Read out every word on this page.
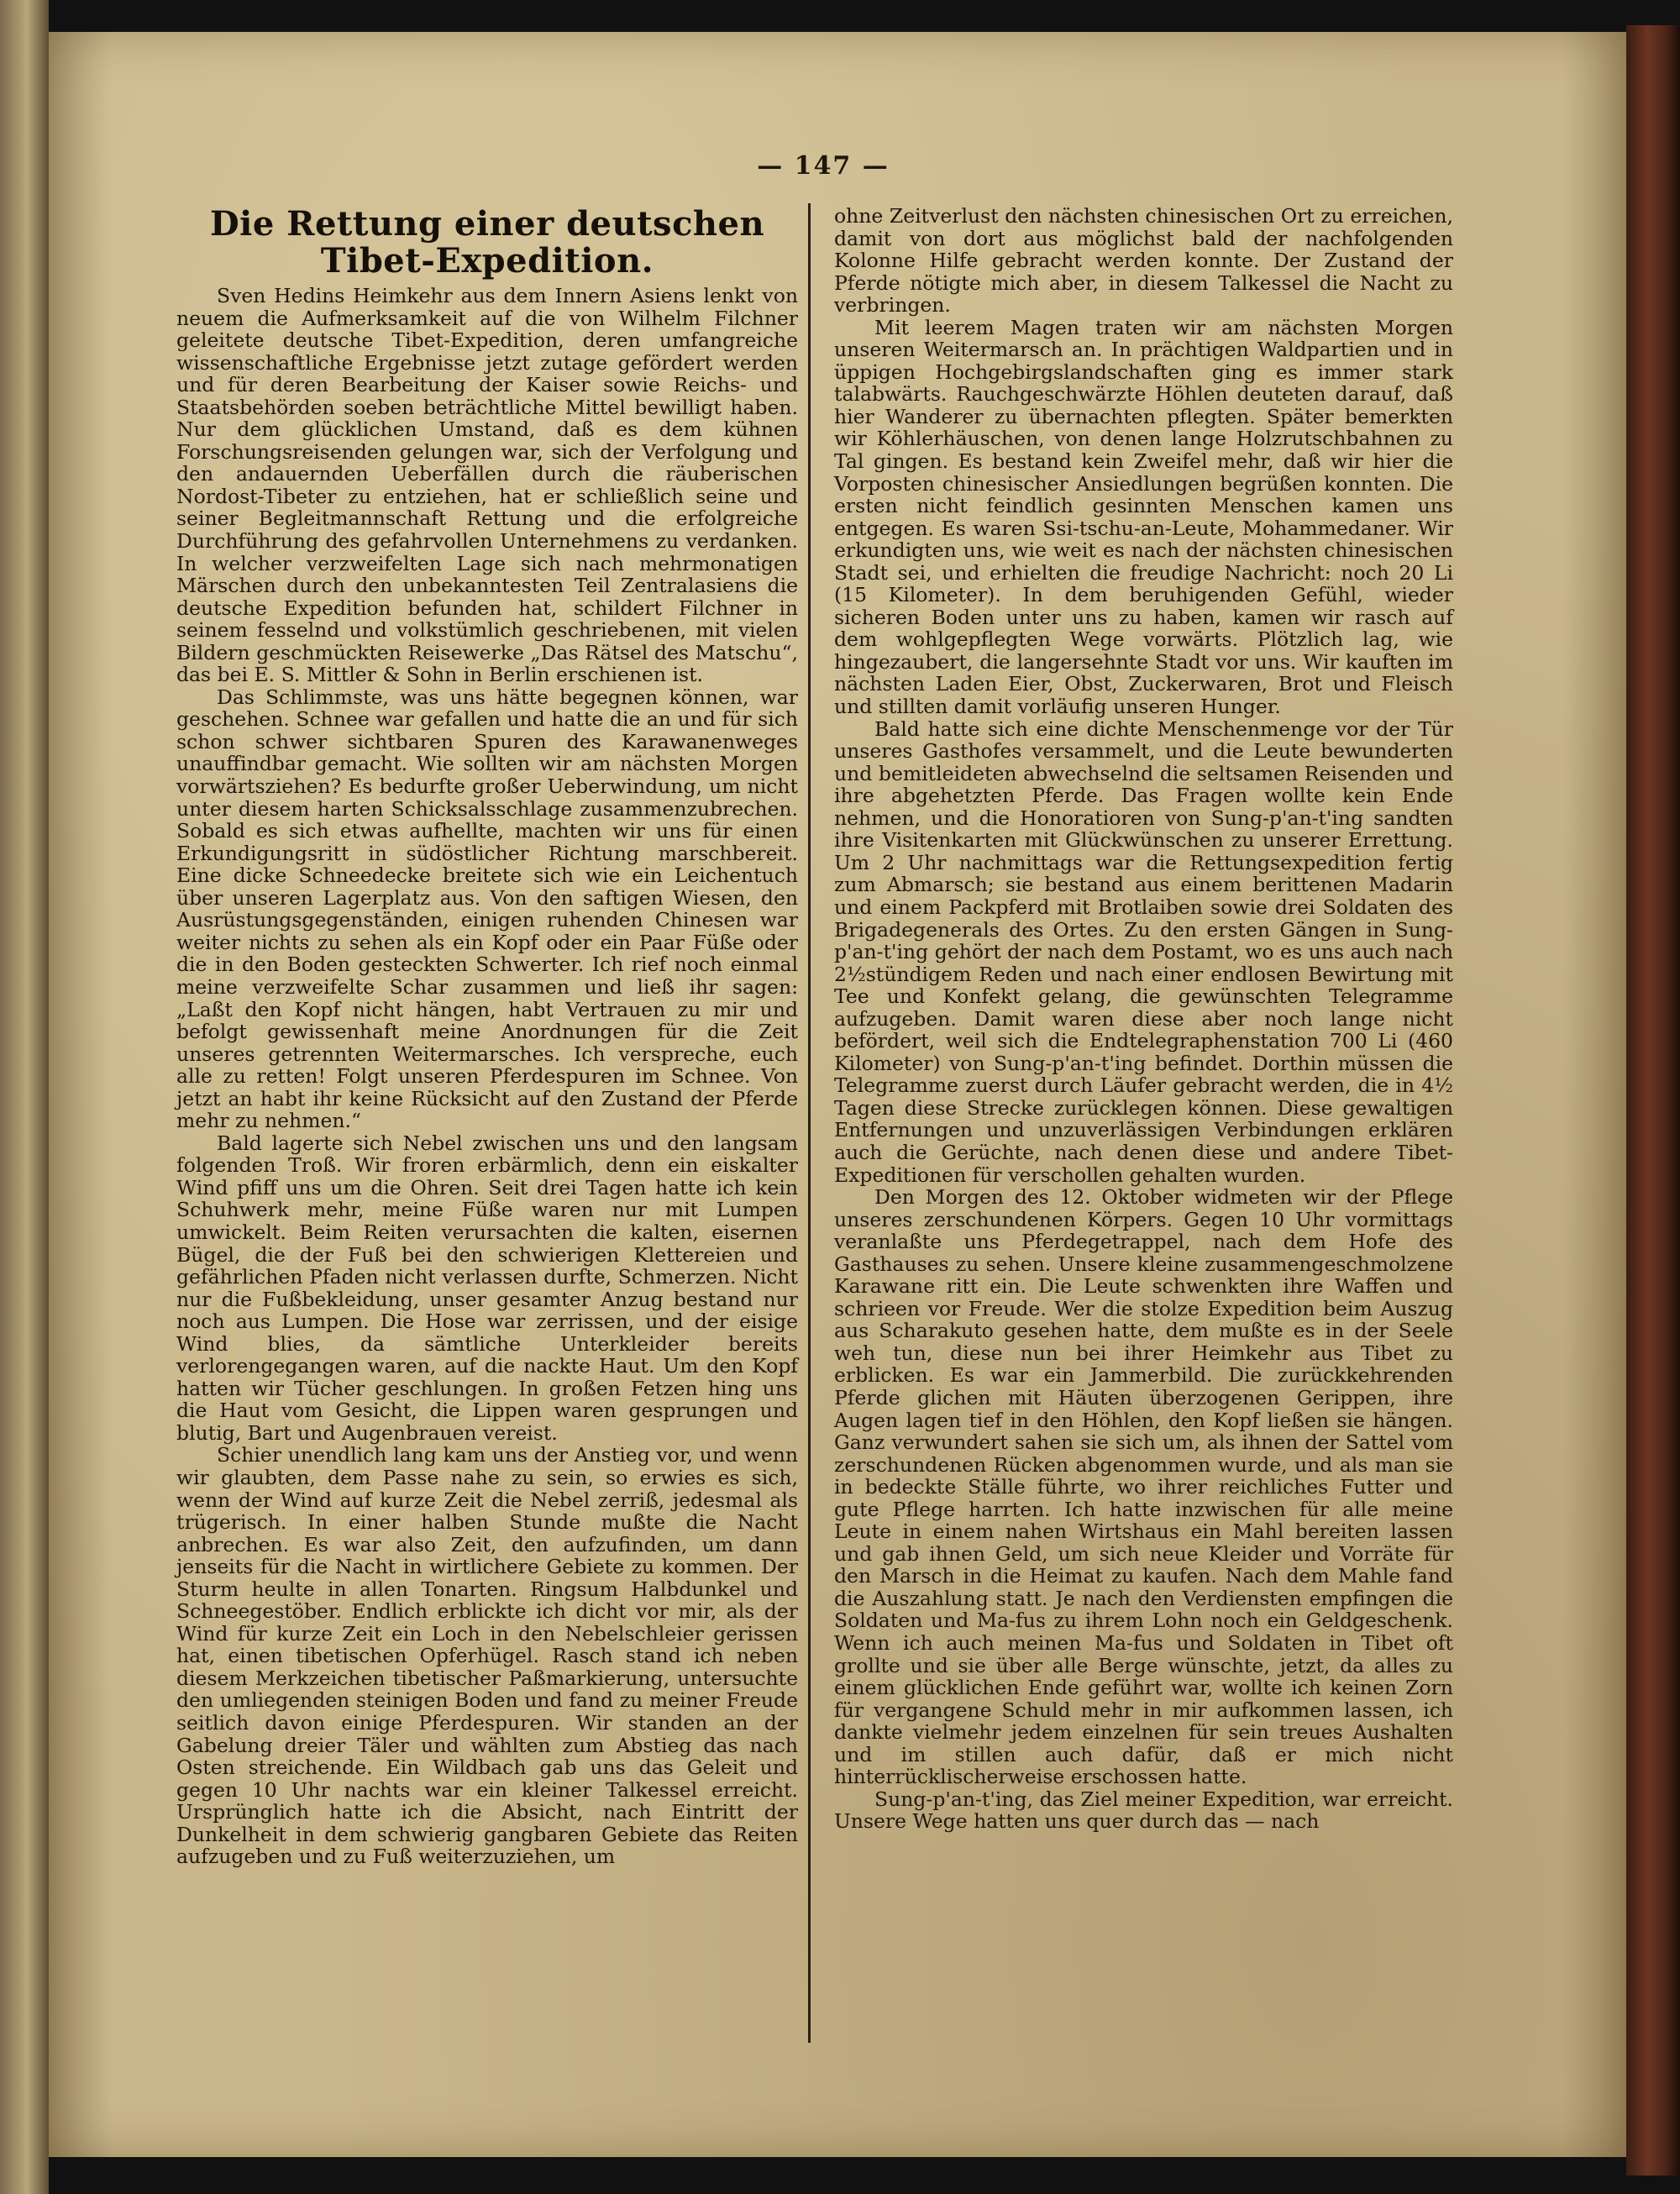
— 147 —
Die Rettung einer deutschen Tibet-Expedition.

Sven Hedins Heimkehr aus dem Innern Asiens lenkt von neuem die Aufmerksamkeit auf die von Wilhelm Filchner geleitete deutsche Tibet-Expedition, deren umfangreiche wissenschaftliche Ergebnisse jetzt zutage gefördert werden und für deren Bearbeitung der Kaiser sowie Reichs- und Staatsbehörden soeben beträchtliche Mittel bewilligt haben. Nur dem glücklichen Umstand, daß es dem kühnen Forschungsreisenden gelungen war, sich der Verfolgung und den andauernden Ueberfällen durch die räuberischen Nordost-Tibeter zu entziehen, hat er schließlich seine und seiner Begleitmannschaft Rettung und die erfolgreiche Durchführung des gefahrvollen Unternehmens zu verdanken. In welcher verzweifelten Lage sich nach mehrmonatigen Märschen durch den unbekanntesten Teil Zentralasiens die deutsche Expedition befunden hat, schildert Filchner in seinem fesselnd und volkstümlich geschriebenen, mit vielen Bildern geschmückten Reisewerke „Das Rätsel des Matschu“, das bei E. S. Mittler & Sohn in Berlin erschienen ist.

Das Schlimmste, was uns hätte begegnen können, war geschehen. Schnee war gefallen und hatte die an und für sich schon schwer sichtbaren Spuren des Karawanenweges unauffindbar gemacht. Wie sollten wir am nächsten Morgen vorwärtsziehen? Es bedurfte großer Ueberwindung, um nicht unter diesem harten Schicksalsschlage zusammenzubrechen. Sobald es sich etwas aufhellte, machten wir uns für einen Erkundigungsritt in südöstlicher Richtung marschbereit. Eine dicke Schneedecke breitete sich wie ein Leichentuch über unseren Lagerplatz aus. Von den saftigen Wiesen, den Ausrüstungsgegenständen, einigen ruhenden Chinesen war weiter nichts zu sehen als ein Kopf oder ein Paar Füße oder die in den Boden gesteckten Schwerter. Ich rief noch einmal meine verzweifelte Schar zusammen und ließ ihr sagen: „Laßt den Kopf nicht hängen, habt Vertrauen zu mir und befolgt gewissenhaft meine Anordnungen für die Zeit unseres getrennten Weitermarsches. Ich verspreche, euch alle zu retten! Folgt unseren Pferdespuren im Schnee. Von jetzt an habt ihr keine Rücksicht auf den Zustand der Pferde mehr zu nehmen.“

Bald lagerte sich Nebel zwischen uns und den langsam folgenden Troß. Wir froren erbärmlich, denn ein eiskalter Wind pfiff uns um die Ohren. Seit drei Tagen hatte ich kein Schuhwerk mehr, meine Füße waren nur mit Lumpen umwickelt. Beim Reiten verursachten die kalten, eisernen Bügel, die der Fuß bei den schwierigen Klettereien und gefährlichen Pfaden nicht verlassen durfte, Schmerzen. Nicht nur die Fußbekleidung, unser gesamter Anzug bestand nur noch aus Lumpen. Die Hose war zerrissen, und der eisige Wind blies, da sämtliche Unterkleider bereits verlorengegangen waren, auf die nackte Haut. Um den Kopf hatten wir Tücher geschlungen. In großen Fetzen hing uns die Haut vom Gesicht, die Lippen waren gesprungen und blutig, Bart und Augenbrauen vereist.

Schier unendlich lang kam uns der Anstieg vor, und wenn wir glaubten, dem Passe nahe zu sein, so erwies es sich, wenn der Wind auf kurze Zeit die Nebel zerriß, jedesmal als trügerisch. In einer halben Stunde mußte die Nacht anbrechen. Es war also Zeit, den aufzufinden, um dann jenseits für die Nacht in wirtlichere Gebiete zu kommen. Der Sturm heulte in allen Tonarten. Ringsum Halbdunkel und Schneegestöber. Endlich erblickte ich dicht vor mir, als der Wind für kurze Zeit ein Loch in den Nebelschleier gerissen hat, einen tibetischen Opferhügel. Rasch stand ich neben diesem Merkzeichen tibetischer Paßmarkierung, untersuchte den umliegenden steinigen Boden und fand zu meiner Freude seitlich davon einige Pferdespuren. Wir standen an der Gabelung dreier Täler und wählten zum Abstieg das nach Osten streichende. Ein Wildbach gab uns das Geleit und gegen 10 Uhr nachts war ein kleiner Talkessel erreicht. Ursprünglich hatte ich die Absicht, nach Eintritt der Dunkelheit in dem schwierig gangbaren Gebiete das Reiten aufzugeben und zu Fuß weiterzuziehen, um

ohne Zeitverlust den nächsten chinesischen Ort zu erreichen, damit von dort aus möglichst bald der nachfolgenden Kolonne Hilfe gebracht werden konnte. Der Zustand der Pferde nötigte mich aber, in diesem Talkessel die Nacht zu verbringen.

Mit leerem Magen traten wir am nächsten Morgen unseren Weitermarsch an. In prächtigen Waldpartien und in üppigen Hochgebirgslandschaften ging es immer stark talabwärts. Rauchgeschwärzte Höhlen deuteten darauf, daß hier Wanderer zu übernachten pflegten. Später bemerkten wir Köhlerhäuschen, von denen lange Holzrutschbahnen zu Tal gingen. Es bestand kein Zweifel mehr, daß wir hier die Vorposten chinesischer Ansiedlungen begrüßen konnten. Die ersten nicht feindlich gesinnten Menschen kamen uns entgegen. Es waren Ssi-tschu-an-Leute, Mohammedaner. Wir erkundigten uns, wie weit es nach der nächsten chinesischen Stadt sei, und erhielten die freudige Nachricht: noch 20 Li (15 Kilometer). In dem beruhigenden Gefühl, wieder sicheren Boden unter uns zu haben, kamen wir rasch auf dem wohlgepflegten Wege vorwärts. Plötzlich lag, wie hingezaubert, die langersehnte Stadt vor uns. Wir kauften im nächsten Laden Eier, Obst, Zuckerwaren, Brot und Fleisch und stillten damit vorläufig unseren Hunger.

Bald hatte sich eine dichte Menschenmenge vor der Tür unseres Gasthofes versammelt, und die Leute bewunderten und bemitleideten abwechselnd die seltsamen Reisenden und ihre abgehetzten Pferde. Das Fragen wollte kein Ende nehmen, und die Honoratioren von Sung-p'an-t'ing sandten ihre Visitenkarten mit Glückwünschen zu unserer Errettung. Um 2 Uhr nachmittags war die Rettungsexpedition fertig zum Abmarsch; sie bestand aus einem berittenen Madarin und einem Packpferd mit Brotlaiben sowie drei Soldaten des Brigadegenerals des Ortes. Zu den ersten Gängen in Sung-p'an-t'ing gehört der nach dem Postamt, wo es uns auch nach 2½stündigem Reden und nach einer endlosen Bewirtung mit Tee und Konfekt gelang, die gewünschten Telegramme aufzugeben. Damit waren diese aber noch lange nicht befördert, weil sich die Endtelegraphenstation 700 Li (460 Kilometer) von Sung-p'an-t'ing befindet. Dorthin müssen die Telegramme zuerst durch Läufer gebracht werden, die in 4½ Tagen diese Strecke zurücklegen können. Diese gewaltigen Entfernungen und unzuverlässigen Verbindungen erklären auch die Gerüchte, nach denen diese und andere Tibet-Expeditionen für verschollen gehalten wurden.

Den Morgen des 12. Oktober widmeten wir der Pflege unseres zerschundenen Körpers. Gegen 10 Uhr vormittags veranlaßte uns Pferdegetrappel, nach dem Hofe des Gasthauses zu sehen. Unsere kleine zusammengeschmolzene Karawane ritt ein. Die Leute schwenkten ihre Waffen und schrieen vor Freude. Wer die stolze Expedition beim Auszug aus Scharakuto gesehen hatte, dem mußte es in der Seele weh tun, diese nun bei ihrer Heimkehr aus Tibet zu erblicken. Es war ein Jammerbild. Die zurückkehrenden Pferde glichen mit Häuten überzogenen Gerippen, ihre Augen lagen tief in den Höhlen, den Kopf ließen sie hängen. Ganz verwundert sahen sie sich um, als ihnen der Sattel vom zerschundenen Rücken abgenommen wurde, und als man sie in bedeckte Ställe führte, wo ihrer reichliches Futter und gute Pflege harrten. Ich hatte inzwischen für alle meine Leute in einem nahen Wirtshaus ein Mahl bereiten lassen und gab ihnen Geld, um sich neue Kleider und Vorräte für den Marsch in die Heimat zu kaufen. Nach dem Mahle fand die Auszahlung statt. Je nach den Verdiensten empfingen die Soldaten und Ma-fus zu ihrem Lohn noch ein Geldgeschenk. Wenn ich auch meinen Ma-fus und Soldaten in Tibet oft grollte und sie über alle Berge wünschte, jetzt, da alles zu einem glücklichen Ende geführt war, wollte ich keinen Zorn für vergangene Schuld mehr in mir aufkommen lassen, ich dankte vielmehr jedem einzelnen für sein treues Aushalten und im stillen auch dafür, daß er mich nicht hinterrücklischerweise erschossen hatte.

Sung-p'an-t'ing, das Ziel meiner Expedition, war erreicht. Unsere Wege hatten uns quer durch das — nach
